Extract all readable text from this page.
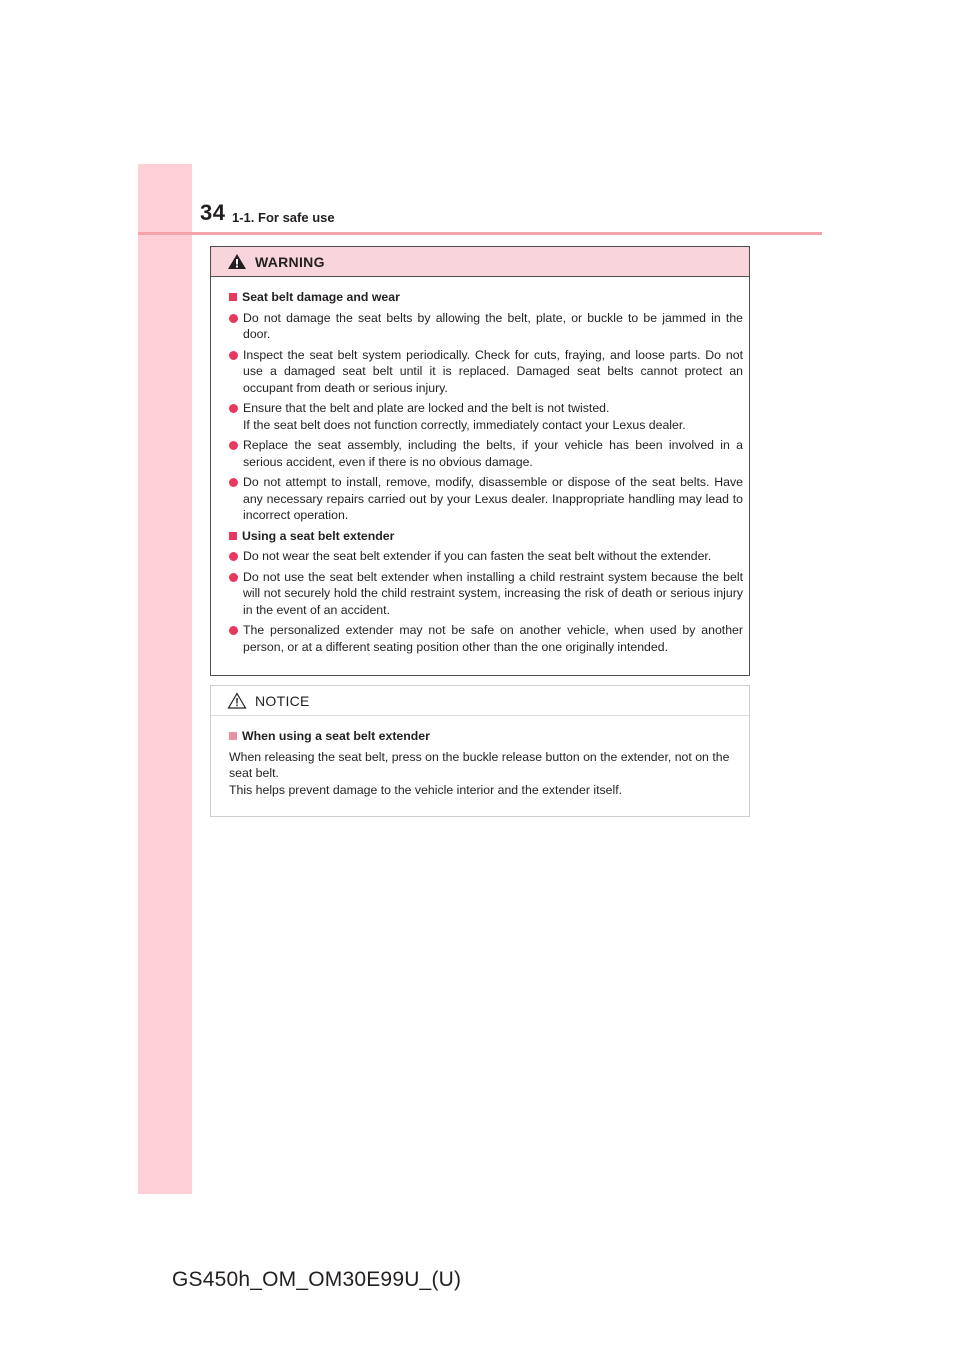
34 1-1. For safe use
WARNING
Seat belt damage and wear
Do not damage the seat belts by allowing the belt, plate, or buckle to be jammed in the door.
Inspect the seat belt system periodically. Check for cuts, fraying, and loose parts. Do not use a damaged seat belt until it is replaced. Damaged seat belts cannot protect an occupant from death or serious injury.
Ensure that the belt and plate are locked and the belt is not twisted.
If the seat belt does not function correctly, immediately contact your Lexus dealer.
Replace the seat assembly, including the belts, if your vehicle has been involved in a serious accident, even if there is no obvious damage.
Do not attempt to install, remove, modify, disassemble or dispose of the seat belts. Have any necessary repairs carried out by your Lexus dealer. Inappropriate handling may lead to incorrect operation.
Using a seat belt extender
Do not wear the seat belt extender if you can fasten the seat belt without the extender.
Do not use the seat belt extender when installing a child restraint system because the belt will not securely hold the child restraint system, increasing the risk of death or serious injury in the event of an accident.
The personalized extender may not be safe on another vehicle, when used by another person, or at a different seating position other than the one originally intended.
NOTICE
When using a seat belt extender
When releasing the seat belt, press on the buckle release button on the extender, not on the seat belt.
This helps prevent damage to the vehicle interior and the extender itself.
GS450h_OM_OM30E99U_(U)
